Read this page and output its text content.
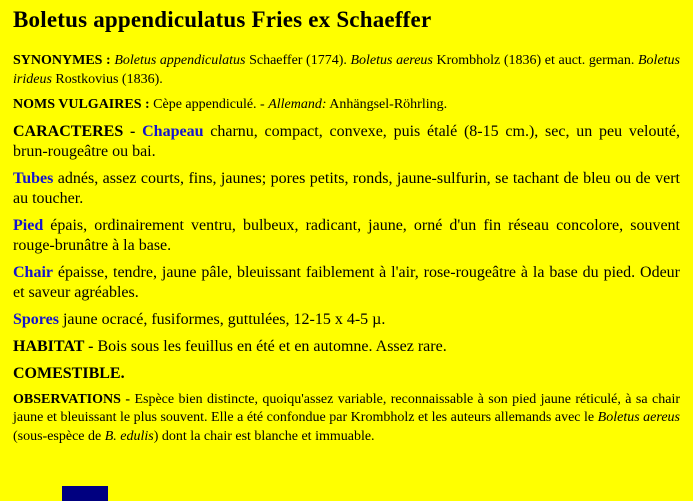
Boletus appendiculatus Fries ex Schaeffer

SYNONYMES : Boletus appendiculatus Schaeffer (1774). Boletus aereus Krombholz (1836) et auct. german. Boletus irideus Rostkovius (1836).

NOMS VULGAIRES : Cèpe appendiculé. - Allemand: Anhängsel-Röhrling.

CARACTERES - Chapeau charnu, compact, convexe, puis étalé (8-15 cm.), sec, un peu velouté, brun-rougeâtre ou bai.

Tubes adnés, assez courts, fins, jaunes; pores petits, ronds, jaune-sulfurin, se tachant de bleu ou de vert au toucher.

Pied épais, ordinairement ventru, bulbeux, radicant, jaune, orné d'un fin réseau concolore, souvent rouge-brunâtre à la base.

Chair épaisse, tendre, jaune pâle, bleuissant faiblement à l'air, rose-rougeâtre à la base du pied. Odeur et saveur agréables.

Spores jaune ocracé, fusiformes, guttulées, 12-15 x 4-5 µ.

HABITAT - Bois sous les feuillus en été et en automne. Assez rare.

COMESTIBLE.

OBSERVATIONS - Espèce bien distincte, quoiqu'assez variable, reconnaissable à son pied jaune réticulé, à sa chair jaune et bleuissant le plus souvent. Elle a été confondue par Krombholz et les auteurs allemands avec le Boletus aereus (sous-espèce de B. edulis) dont la chair est blanche et immuable.
